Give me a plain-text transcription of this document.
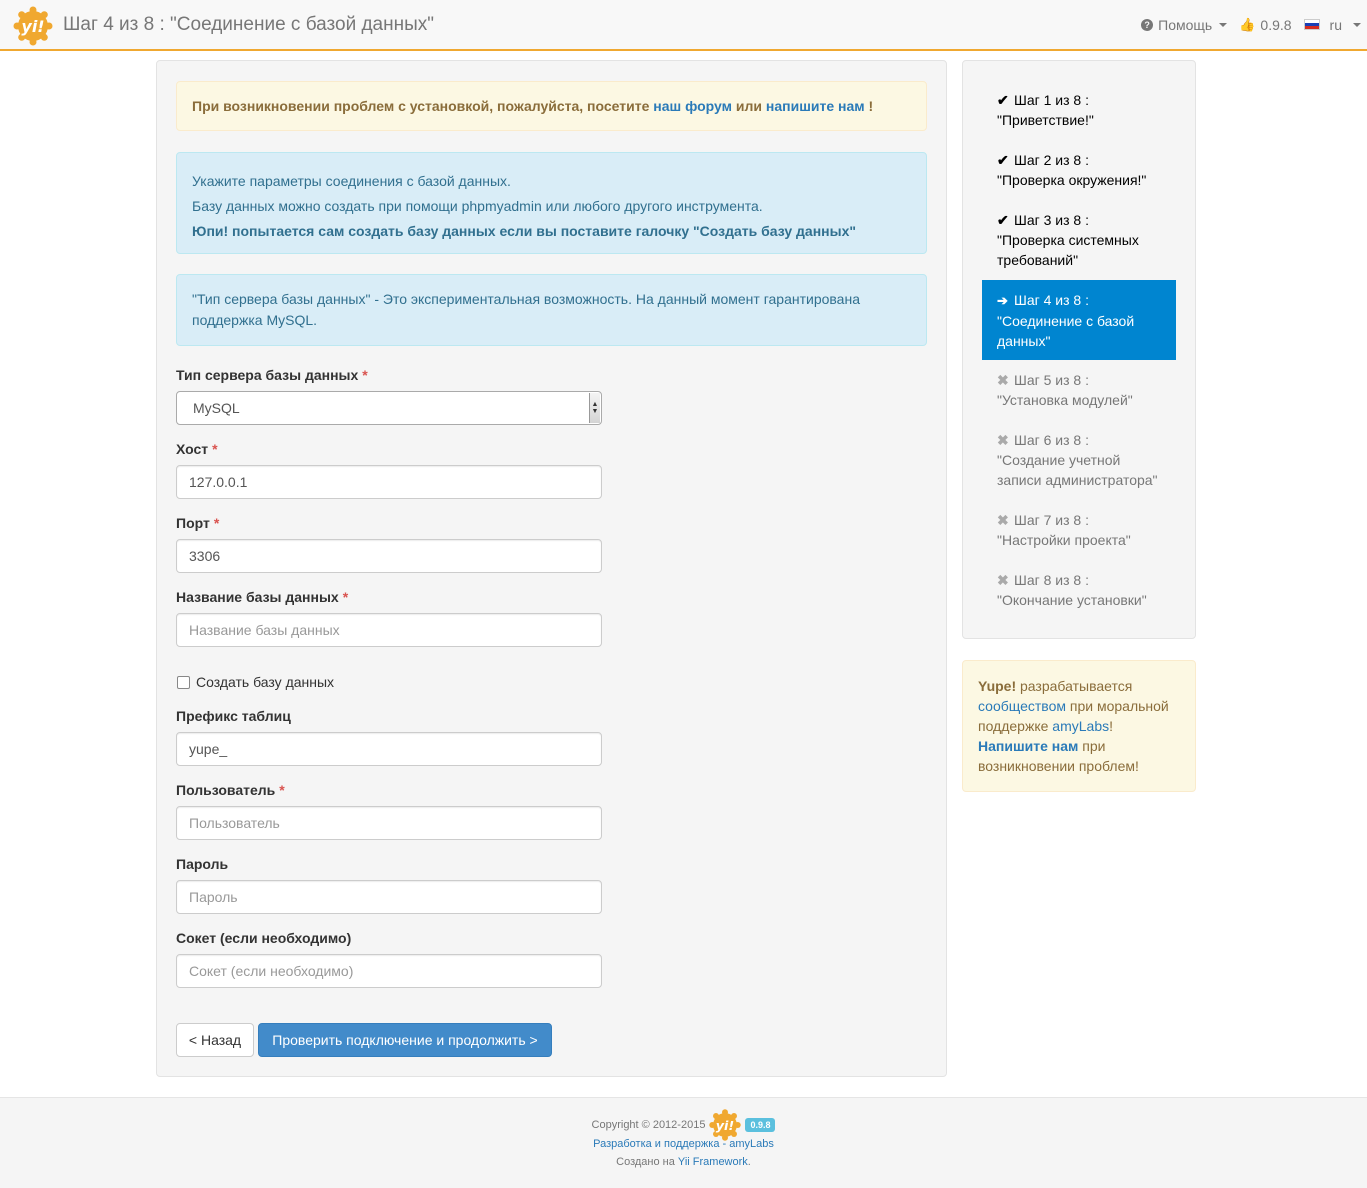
yi! Шаг 4 из 8 : "Соединение с базой данных"	? Помощь 👍 0.9.8	ru
При возникновении проблем с установкой, пожалуйста, посетите наш форум или напишите нам !
Укажите параметры соединения с базой данных.
Базу данных можно создать при помощи phpmyadmin или любого другого инструмента.
Юпи! попытается сам создать базу данных если вы поставите галочку "Создать базу данных"
"Тип сервера базы данных" - Это экспериментальная возможность. На данный момент гарантирована поддержка MySQL.
Тип сервера базы данных *
MySQL	▲
▼
Хост *
127.0.0.1
Порт *
3306
Название базы данных *
Название базы данных
Создать базу данных
Префикс таблиц
yupe_
Пользователь *
Пользователь
Пароль
Сокет (если необходимо)
Сокет (если необходимо)
< Назад	Проверить подключение и продолжить >
✔ Шаг 1 из 8 :
"Приветствие!"
✔ Шаг 2 из 8 :
"Проверка окружения!"
✔ Шаг 3 из 8 :
"Проверка системных требований"
➔ Шаг 4 из 8 :
"Соединение с базой данных"
✖ Шаг 5 из 8 :
"Установка модулей"
✖ Шаг 6 из 8 :
"Создание учетной записи администратора"
✖ Шаг 7 из 8 :
"Настройки проекта"
✖ Шаг 8 из 8 :
"Окончание установки"
Yupe! разрабатывается сообществом при моральной поддержке amyLabs! Напишите нам при возникновении проблем!
Copyright © 2012-2015 yi!	0.9.8
Разработка и поддержка - amyLabs
Создано на Yii Framework.
